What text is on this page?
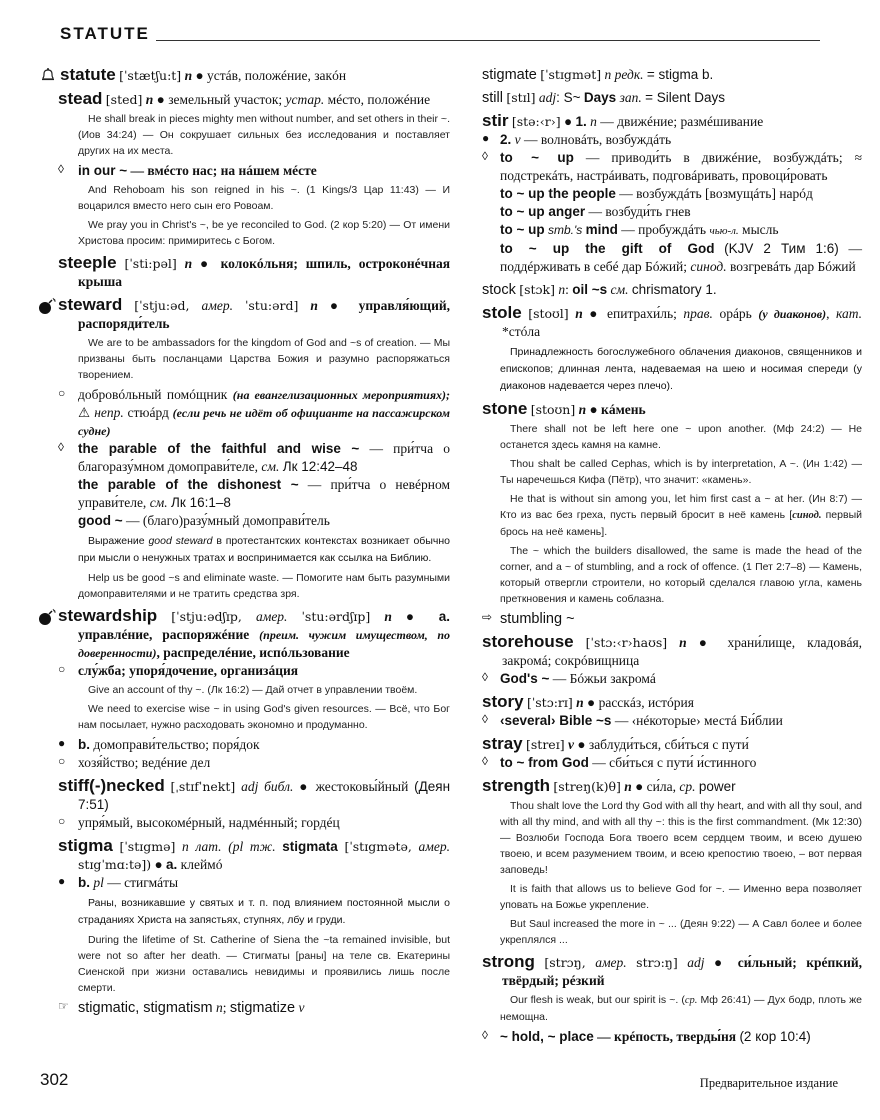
STATUTE
statute [ˈstætʃu:t] n ● устáв, положéние, закóн
stead [sted] n ● земельный участок; устар. мéсто, положéние

He shall break in pieces mighty men without number, and set others in their ~. (Иов 34:24) — Он сокрушает сильных без исследования и поставляет других на их места.

◊ in our ~ — вмéсто нас; на нáшем мéсте

And Rehoboam his son reigned in his ~. (1 Kings/3 Цар 11:43) — И воцарился вместо него сын его Ровоам.

We pray you in Christ's ~, be ye reconciled to God. (2 кор 5:20) — От имени Христова просим: примиритесь с Богом.

steeple [ˈsti:pəl] n ● колокóльня; шпиль, остроконéчная крыша
steward [ˈstju:əd, амер. ˈstu:ərd] n ● управля́ющий, распоряди́тель

We are to be ambassadors for the kingdom of God and ~s of creation. — Мы призваны быть посланцами Царства Божия и разумно распоряжаться творением.

○ добровóльный помóщник (на евангелизационных мероприятиях); ⚠ непр. стюáрд (если речь не идёт об официанте на пассажирском судне)
◊ the parable of the faithful and wise ~ — при́тча о благоразу́мном домоправи́теле, см. Лк 12:42–48
the parable of the dishonest ~ — при́тча о невéрном управи́теле, см. Лк 16:1–8
good ~ — (благо)разу́мный домоправи́тель

Выражение good steward в протестантских контекстах возникает обычно при мысли о ненужных тратах и воспринимается как ссылка на Библию.

Help us be good ~s and eliminate waste. — Помогите нам быть разумными домоправителями и не тратить средства зря.

stewardship [ˈstju:ədʃɪp, амер. ˈstu:ərdʃɪp] n ● a. управлéние, распоряжéние (преим. чужим имуществом, по доверенности), распределéние, испóльзование
○ слу́жба; упоря́дочение, организáция

Give an account of thy ~. (Лк 16:2) — Дай отчет в управлении твоём.

We need to exercise wise ~ in using God's given resources. — Всё, что Бог нам посылает, нужно расходовать экономно и продуманно.

● b. домоправи́тельство; поря́док
○ хозя́йство; ведéние дел
stiff(-)necked [ˌstɪfˈnekt] adj библ. ● жестоковы́йный (Деян 7:51)
○ упря́мый, высокомéрный, надмéнный; гордéц
stigma [ˈstɪgmə] n лат. (pl тж. stigmata [ˈstɪgmətə, амер. stɪgˈmɑ:tə]) ● a. клеймó
● b. pl — стигмáты

Раны, возникавшие у святых и т. п. под влиянием постоянной мысли о страданиях Христа на запястьях, ступнях, лбу и груди.

During the lifetime of St. Catherine of Siena the ~ta remained invisible, but were not so after her death. — Стигматы [раны] на теле св. Екатерины Сиенской при жизни оставались невидимы и проявились лишь после смерти.

☞ stigmatic, stigmatism n; stigmatize v
stigmate [ˈstɪgmət] n редк. = stigma b.
still [stɪl] adj: S~ Days зап. = Silent Days
stir [stə:‹r›] ● 1. n — движéние; размéшивание
● 2. v — волновáть, возбуждáть
◊ to ~ up — приводи́ть в движéние, возбуждáть; ≈ подстрекáть, настрáивать, подговáривать, провоци́ровать
to ~ up the people — возбуждáть [возмущáть] нарóд
to ~ up anger — возбуди́ть гнев
to ~ up smb.'s mind — пробуждáть чью-л. мысль
to ~ up the gift of God (KJV 2 Тим 1:6) — поддéрживать в себé дар Бóжий; синод. возгревáть дар Бóжий
stock [stɔk] n: oil ~s см. chrismatory 1.
stole [stoʊl] n ● епитрахи́ль; прав. орáрь (у диаконов), кат. *стóла

Принадлежность богослужебного облачения диаконов, священников и епископов; длинная лента, надеваемая на шею и носимая спереди (у диаконов надевается через плечо).

stone [stoʊn] n ● кáмень

There shall not be left here one ~ upon another. (Мф 24:2) — Не останется здесь камня на камне.

Thou shalt be called Cephas, which is by interpretation, A ~. (Ин 1:42) — Ты наречешься Кифа (Пётр), что значит: «камень».

He that is without sin among you, let him first cast a ~ at her. (Ин 8:7) — Кто из вас без греха, пусть первый бросит в неё камень [синод. первый брось на неё камень].

The ~ which the builders disallowed, the same is made the head of the corner, and a ~ of stumbling, and a rock of offence. (1 Пет 2:7–8) — Камень, который отвергли строители, но который сделался главою угла, камень преткновения и камень соблазна.

⇨ stumbling ~
storehouse [ˈstɔ:‹r›haʊs] n ● храни́лище, кладовáя, закромá; сокрóвищница
◊ God's ~ — Бóжьи закромá
story [ˈstɔ:rɪ] n ● расскáз, истóрия
◊ ‹several› Bible ~s — ‹нéкоторые› местá Би́блии
stray [streɪ] v ● заблуди́ться, сби́ться с пути́
◊ to ~ from God — сби́ться с пути́ и́стинного
strength [streŋ(k)θ] n ● си́ла, ср. power

Thou shalt love the Lord thy God with all thy heart, and with all thy soul, and with all thy mind, and with all thy ~: this is the first commandment. (Мк 12:30) — Возлюби Господа Бога твоего всем сердцем твоим, и всею душею твоею, и всем разумением твоим, и всею крепостию твоею, – вот первая заповедь!

It is faith that allows us to believe God for ~. — Именно вера позволяет уповать на Божье укрепление.

But Saul increased the more in ~ ... (Деян 9:22) — А Савл более и более укреплялся ...

strong [strɔŋ, амер. strɔ:ŋ] adj ● си́льный; крéпкий, твёрдый; рéзкий

Our flesh is weak, but our spirit is ~. (ср. Мф 26:41) — Дух бодр, плоть же немощна.

◊ ~ hold, ~ place — крéпость, тверды́ня (2 кор 10:4)
302	Предварительное издание
